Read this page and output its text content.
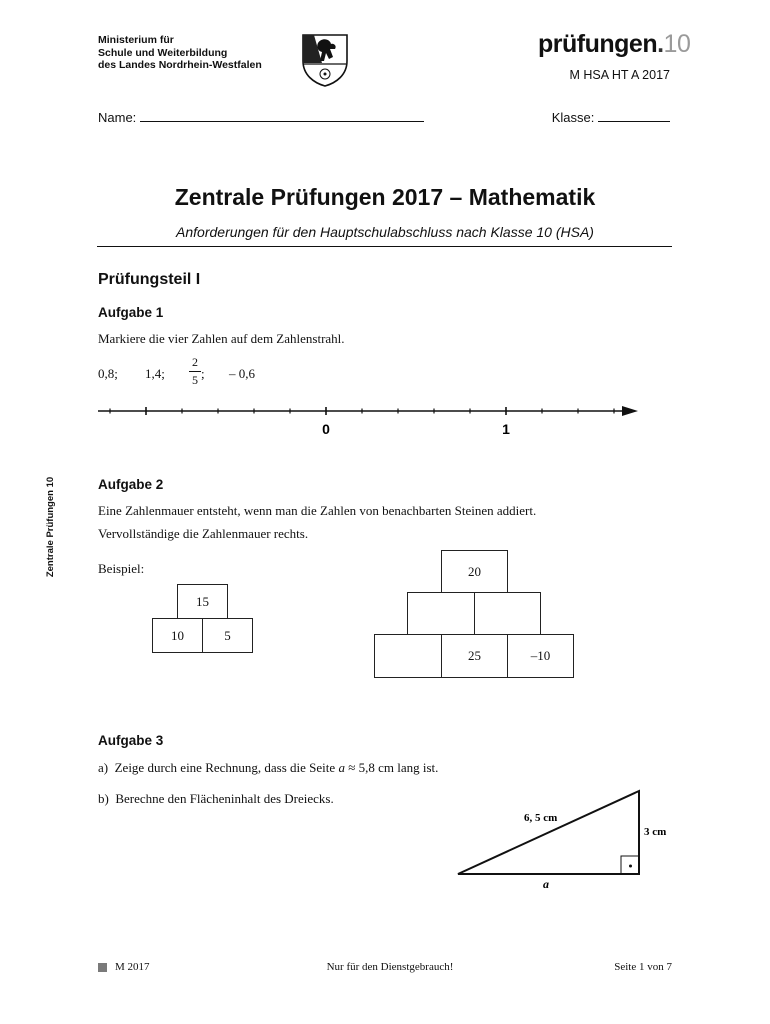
Ministerium für
Schule und Weiterbildung
des Landes Nordrhein-Westfalen
prüfungen.10
M HSA HT A 2017
Name:	Klasse:
Zentrale Prüfungen 10
Zentrale Prüfungen 2017 – Mathematik
Anforderungen für den Hauptschulabschluss nach Klasse 10 (HSA)
Prüfungsteil I
Aufgabe 1
Markiere die vier Zahlen auf dem Zahlenstrahl.
0,8; 1,4;
2
5 ; – 0,6
0	1
Aufgabe 2
Eine Zahlenmauer entsteht, wenn man die Zahlen von benachbarten Steinen addiert.
Vervollständige die Zahlenmauer rechts.
Beispiel:
15
10	5
20
25	–10
Aufgabe 3
a) Zeige durch eine Rechnung, dass die Seite a ≈ 5,8 cm lang ist.
b) Berechne den Flächeninhalt des Dreiecks.
6, 5 cm
3 cm
a
M 2017	Nur für den Dienstgebrauch!	Seite 1 von 7
